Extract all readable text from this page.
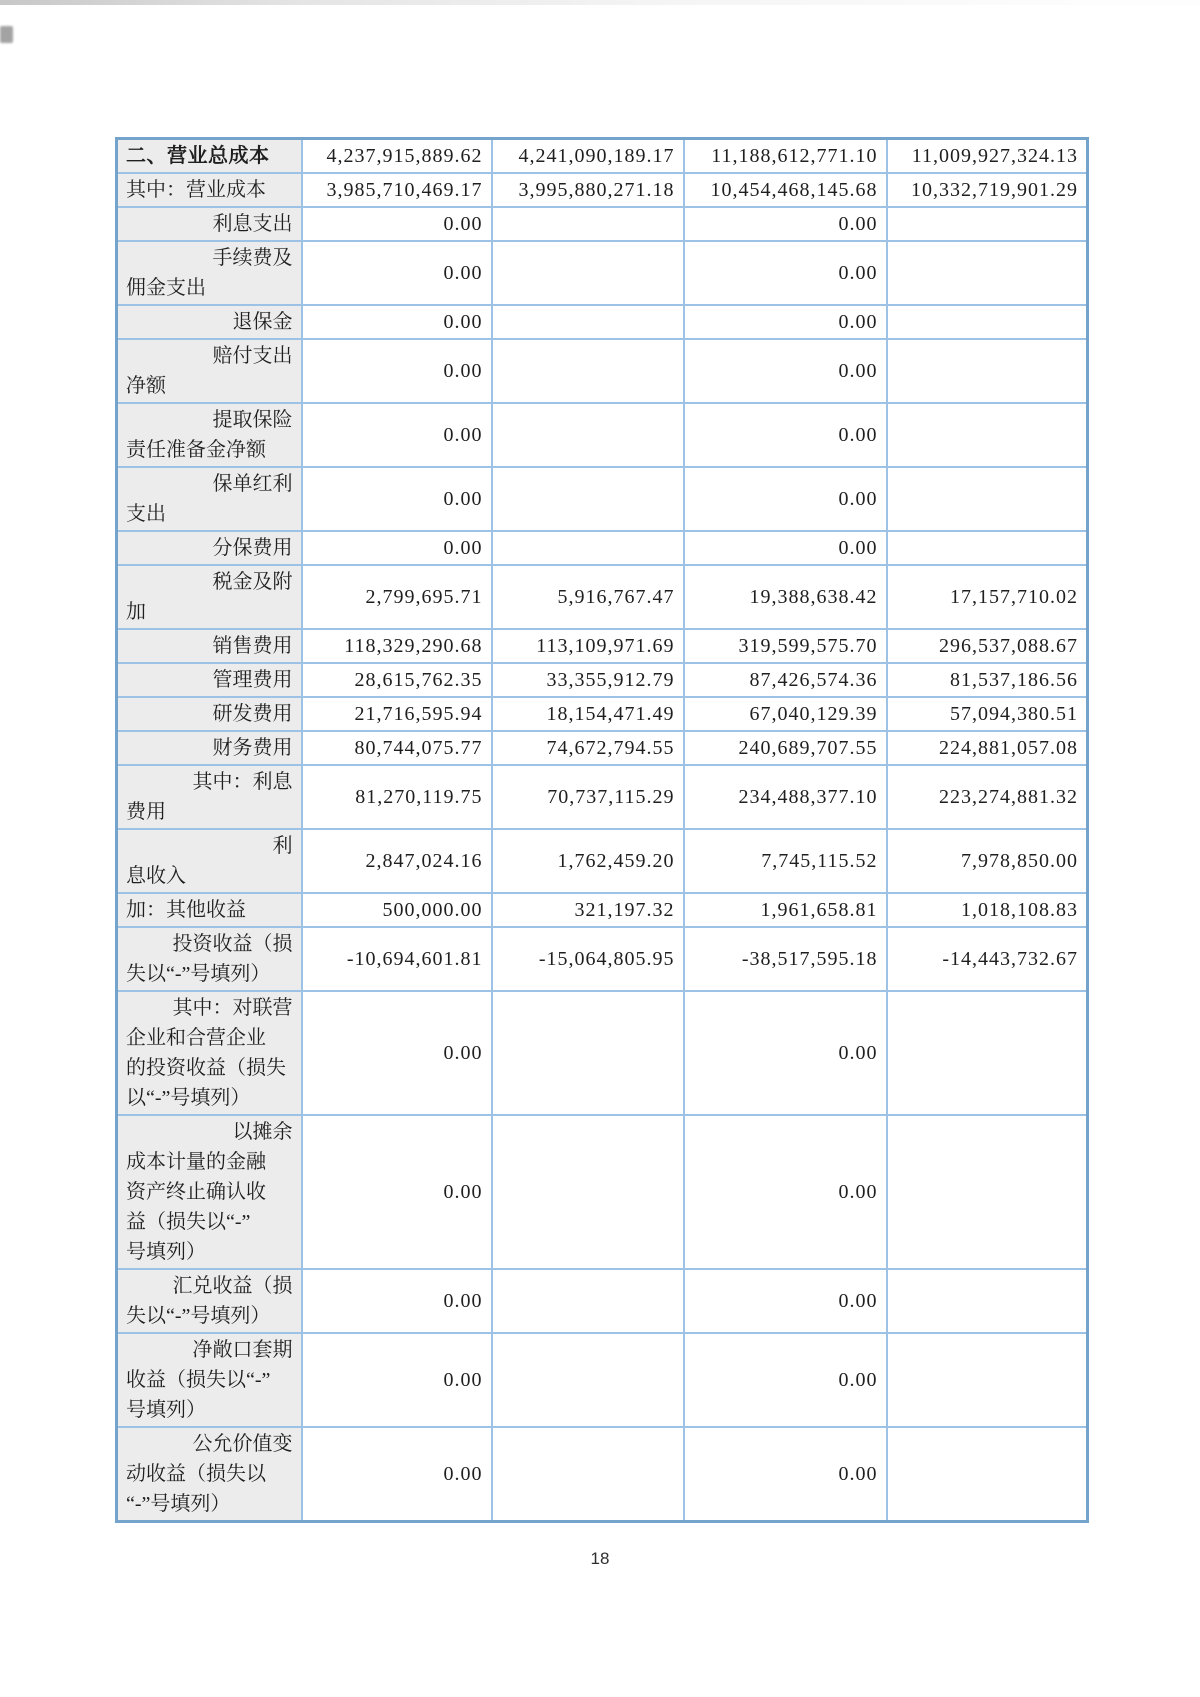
二、营业总成本	4,237,915,889.62	4,241,090,189.17	11,188,612,771.10	11,009,927,324.13

其中：营业成本	3,985,710,469.17	3,995,880,271.18	10,454,468,145.68	10,332,719,901.29

利息支出	0.00		0.00	

手续费及
佣金支出	0.00		0.00	

退保金	0.00		0.00	

赔付支出
净额	0.00		0.00	

提取保险
责任准备金净额	0.00		0.00	

保单红利
支出	0.00		0.00	

分保费用	0.00		0.00	

税金及附
加	2,799,695.71	5,916,767.47	19,388,638.42	17,157,710.02

销售费用	118,329,290.68	113,109,971.69	319,599,575.70	296,537,088.67

管理费用	28,615,762.35	33,355,912.79	87,426,574.36	81,537,186.56

研发费用	21,716,595.94	18,154,471.49	67,040,129.39	57,094,380.51

财务费用	80,744,075.77	74,672,794.55	240,689,707.55	224,881,057.08

其中：利息
费用	81,270,119.75	70,737,115.29	234,488,377.10	223,274,881.32

利
息收入	2,847,024.16	1,762,459.20	7,745,115.52	7,978,850.00

加：其他收益	500,000.00	321,197.32	1,961,658.81	1,018,108.83

投资收益（损
失以“-”号填列）	-10,694,601.81	-15,064,805.95	-38,517,595.18	-14,443,732.67

其中：对联营
企业和合营企业
的投资收益（损失
以“-”号填列）	0.00		0.00	

以摊余
成本计量的金融
资产终止确认收
益（损失以“-”
号填列）	0.00		0.00	

汇兑收益（损
失以“-”号填列）	0.00		0.00	

净敞口套期
收益（损失以“-”
号填列）	0.00		0.00	

公允价值变
动收益（损失以
“-”号填列）	0.00		0.00	
18
